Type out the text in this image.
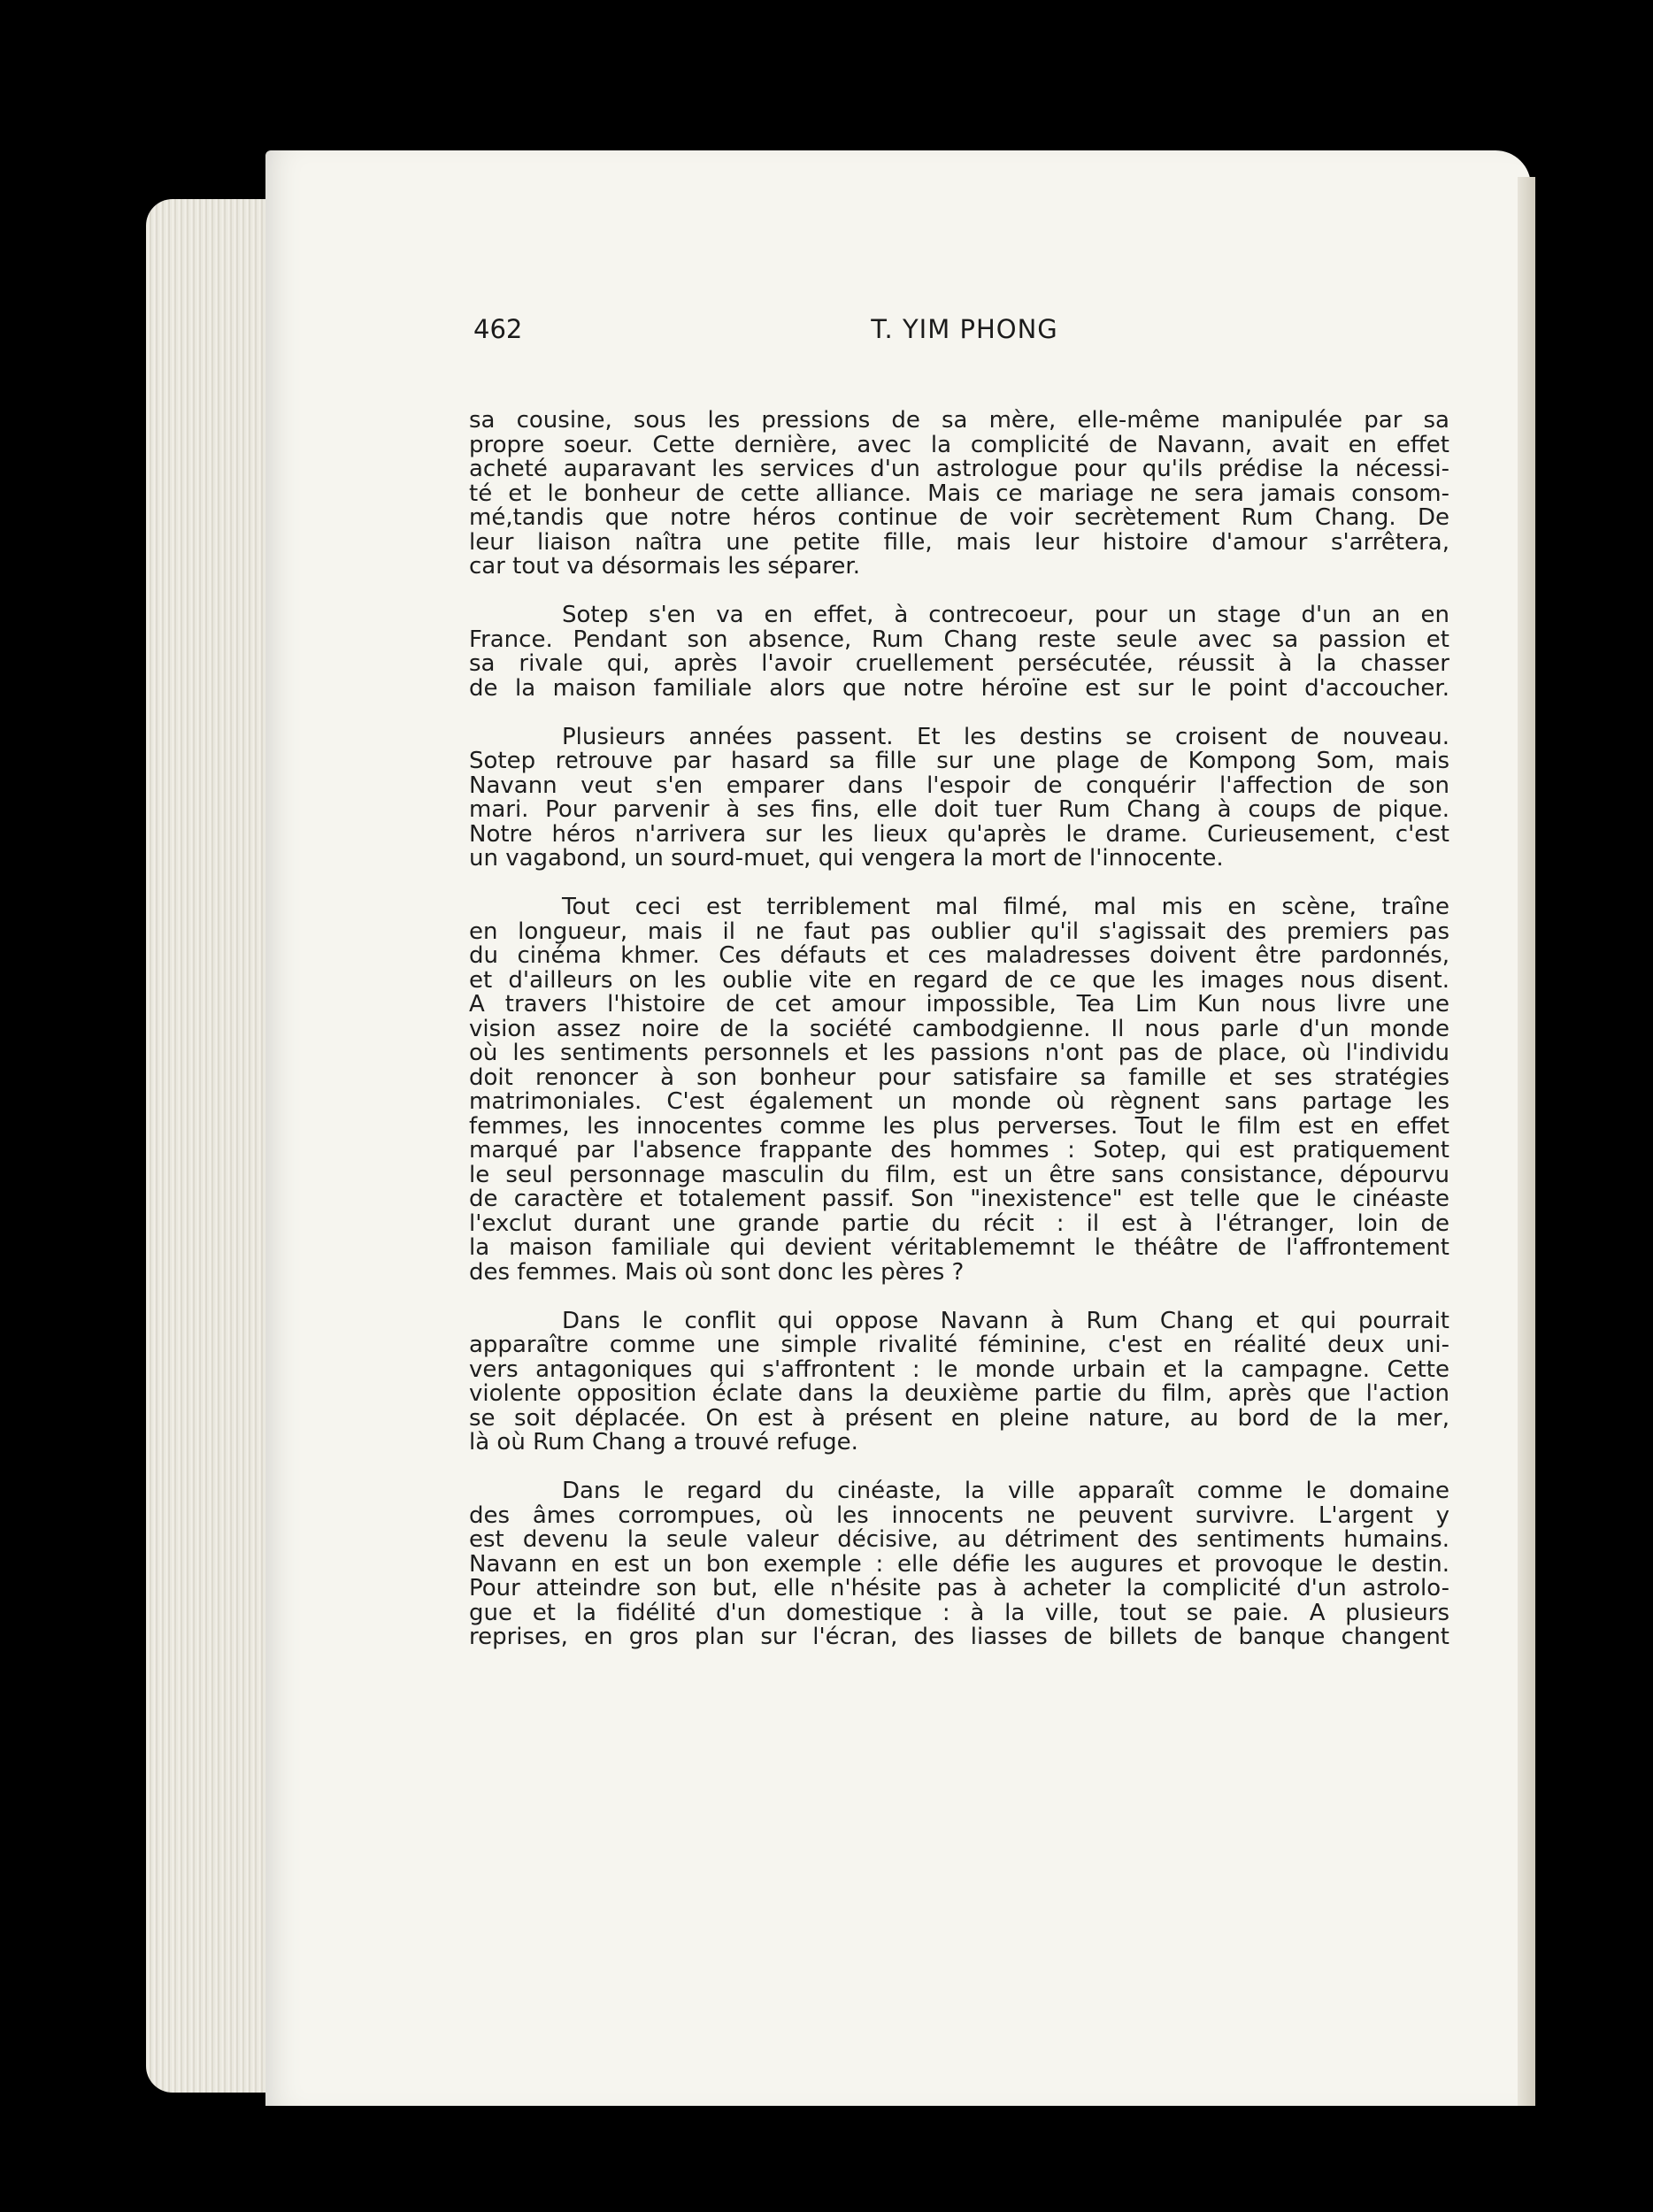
462	T. YIM PHONG
sa cousine, sous les pressions de sa mère, elle-même manipulée par sa
propre soeur. Cette dernière, avec la complicité de Navann, avait en effet
acheté auparavant les services d'un astrologue pour qu'ils prédise la nécessi-
té et le bonheur de cette alliance. Mais ce mariage ne sera jamais consom-
mé,tandis que notre héros continue de voir secrètement Rum Chang. De
leur liaison naîtra une petite fille, mais leur histoire d'amour s'arrêtera,
car tout va désormais les séparer.
Sotep s'en va en effet, à contrecoeur, pour un stage d'un an en
France. Pendant son absence, Rum Chang reste seule avec sa passion et
sa rivale qui, après l'avoir cruellement persécutée, réussit à la chasser
de la maison familiale alors que notre héroïne est sur le point d'accoucher.
Plusieurs années passent. Et les destins se croisent de nouveau.
Sotep retrouve par hasard sa fille sur une plage de Kompong Som, mais
Navann veut s'en emparer dans l'espoir de conquérir l'affection de son
mari. Pour parvenir à ses fins, elle doit tuer Rum Chang à coups de pique.
Notre héros n'arrivera sur les lieux qu'après le drame. Curieusement, c'est
un vagabond, un sourd-muet, qui vengera la mort de l'innocente.
Tout ceci est terriblement mal filmé, mal mis en scène, traîne
en longueur, mais il ne faut pas oublier qu'il s'agissait des premiers pas
du cinéma khmer. Ces défauts et ces maladresses doivent être pardonnés,
et d'ailleurs on les oublie vite en regard de ce que les images nous disent.
A travers l'histoire de cet amour impossible, Tea Lim Kun nous livre une
vision assez noire de la société cambodgienne. Il nous parle d'un monde
où les sentiments personnels et les passions n'ont pas de place, où l'individu
doit renoncer à son bonheur pour satisfaire sa famille et ses stratégies
matrimoniales. C'est également un monde où règnent sans partage les
femmes, les innocentes comme les plus perverses. Tout le film est en effet
marqué par l'absence frappante des hommes : Sotep, qui est pratiquement
le seul personnage masculin du film, est un être sans consistance, dépourvu
de caractère et totalement passif. Son "inexistence" est telle que le cinéaste
l'exclut durant une grande partie du récit : il est à l'étranger, loin de
la maison familiale qui devient véritablememnt le théâtre de l'affrontement
des femmes. Mais où sont donc les pères ?
Dans le conflit qui oppose Navann à Rum Chang et qui pourrait
apparaître comme une simple rivalité féminine, c'est en réalité deux uni-
vers antagoniques qui s'affrontent : le monde urbain et la campagne. Cette
violente opposition éclate dans la deuxième partie du film, après que l'action
se soit déplacée. On est à présent en pleine nature, au bord de la mer,
là où Rum Chang a trouvé refuge.
Dans le regard du cinéaste, la ville apparaît comme le domaine
des âmes corrompues, où les innocents ne peuvent survivre. L'argent y
est devenu la seule valeur décisive, au détriment des sentiments humains.
Navann en est un bon exemple : elle défie les augures et provoque le destin.
Pour atteindre son but, elle n'hésite pas à acheter la complicité d'un astrolo-
gue et la fidélité d'un domestique : à la ville, tout se paie. A plusieurs
reprises, en gros plan sur l'écran, des liasses de billets de banque changent
